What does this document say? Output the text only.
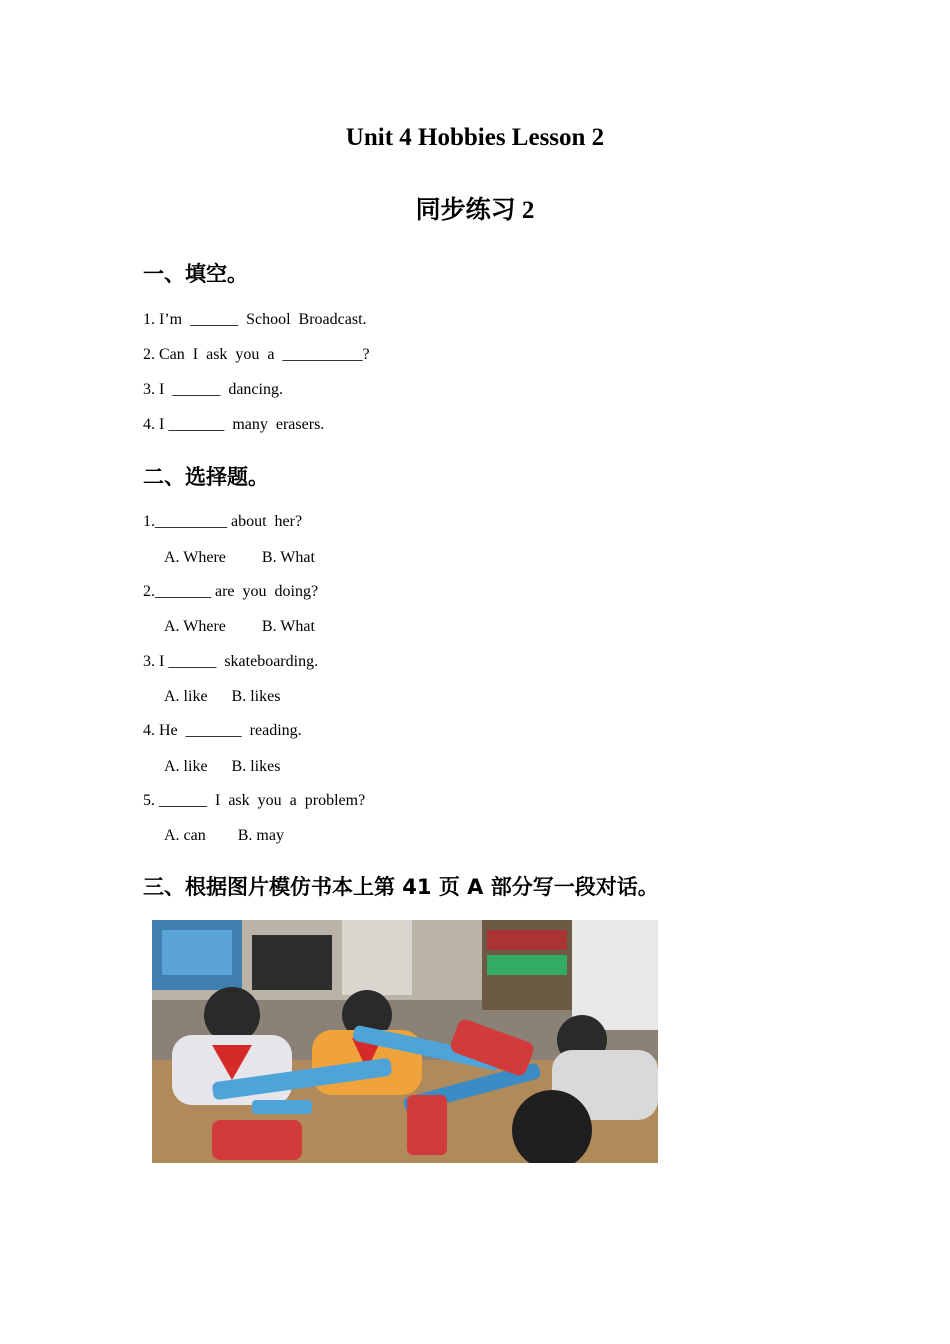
Unit 4 Hobbies Lesson 2
同步练习 2
一、填空。
1. I’m  ______  School  Broadcast.
2. Can  I  ask  you  a  __________?
3. I  ______  dancing.
4. I _______  many  erasers.
二、选择题。
1._________ about  her?
A. Where         B. What
2._______ are  you  doing?
A. Where         B. What
3. I ______  skateboarding.
A. like      B. likes
4. He  _______  reading.
A. like      B. likes
5. ______  I  ask  you  a  problem?
A. can        B. may
三、根据图片模仿书本上第 41 页 A 部分写一段对话。
